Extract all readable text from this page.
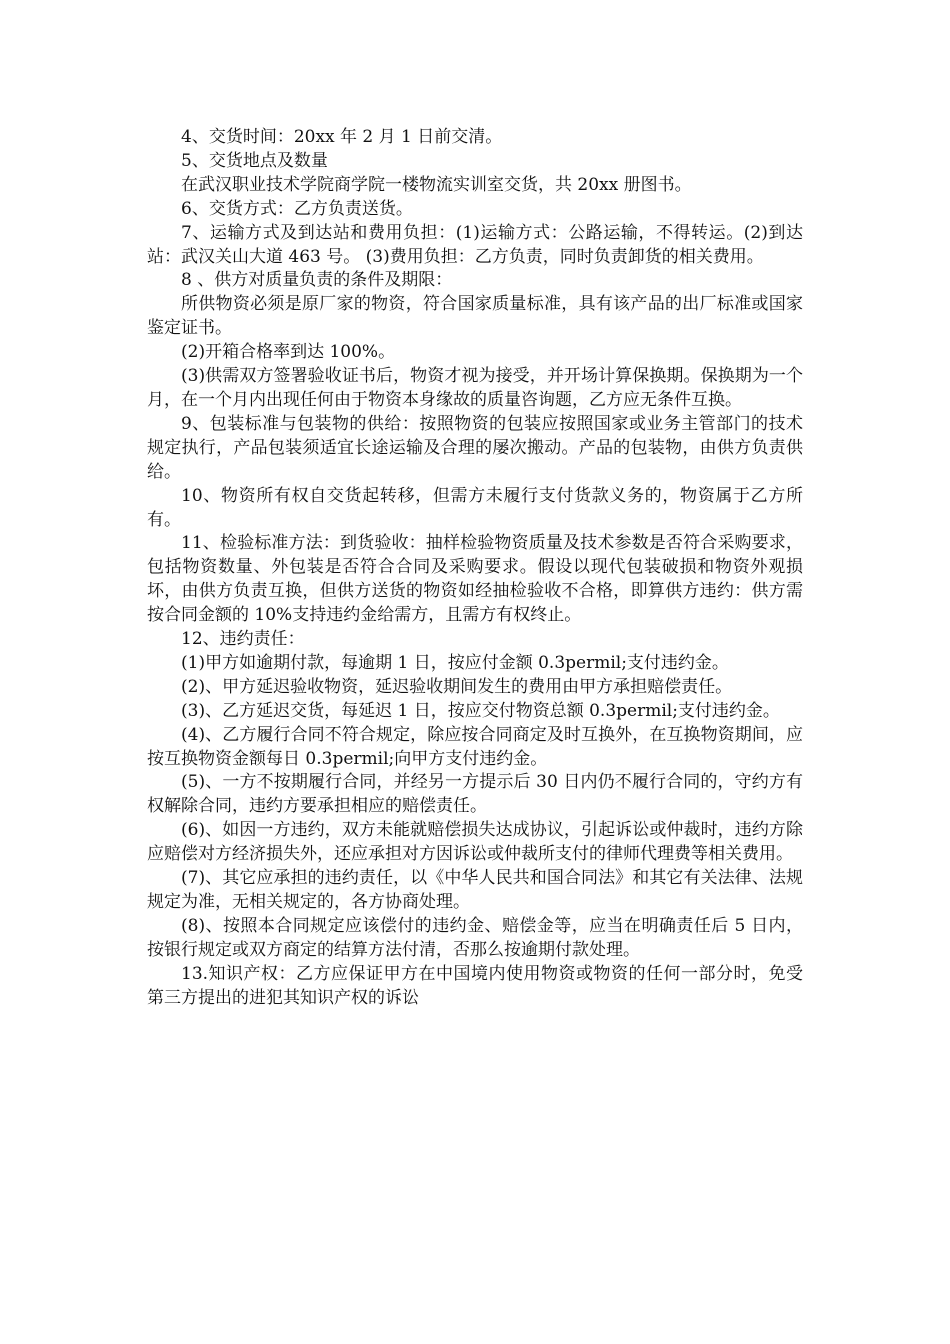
4、交货时间：20xx 年 2 月 1 日前交清。

5、交货地点及数量

在武汉职业技术学院商学院一楼物流实训室交货，共 20xx 册图书。

6、交货方式：乙方负责送货。

7、运输方式及到达站和费用负担：(1)运输方式：公路运输，不得转运。(2)到达站：武汉关山大道 463 号。 (3)费用负担：乙方负责，同时负责卸货的相关费用。

8 、供方对质量负责的条件及期限：

所供物资必须是原厂家的物资，符合国家质量标准，具有该产品的出厂标准或国家鉴定证书。

(2)开箱合格率到达 100%。

(3)供需双方签署验收证书后，物资才视为接受，并开场计算保换期。保换期为一个月，在一个月内出现任何由于物资本身缘故的质量咨询题，乙方应无条件互换。

9、包装标准与包装物的供给：按照物资的包装应按照国家或业务主管部门的技术规定执行，产品包装须适宜长途运输及合理的屡次搬动。产品的包装物，由供方负责供给。

10、物资所有权自交货起转移，但需方未履行支付货款义务的，物资属于乙方所有。

11、检验标准方法：到货验收：抽样检验物资质量及技术参数是否符合采购要求，包括物资数量、外包装是否符合合同及采购要求。假设以现代包装破损和物资外观损坏，由供方负责互换，但供方送货的物资如经抽检验收不合格，即算供方违约：供方需按合同金额的 10%支持违约金给需方，且需方有权终止。

12、违约责任：

(1)甲方如逾期付款，每逾期 1 日，按应付金额 0.3permil;支付违约金。

(2)、甲方延迟验收物资，延迟验收期间发生的费用由甲方承担赔偿责任。

(3)、乙方延迟交货，每延迟 1 日，按应交付物资总额 0.3permil;支付违约金。

(4)、乙方履行合同不符合规定，除应按合同商定及时互换外，在互换物资期间，应按互换物资金额每日 0.3permil;向甲方支付违约金。

(5)、一方不按期履行合同，并经另一方提示后 30 日内仍不履行合同的，守约方有权解除合同，违约方要承担相应的赔偿责任。

(6)、如因一方违约，双方未能就赔偿损失达成协议，引起诉讼或仲裁时，违约方除应赔偿对方经济损失外，还应承担对方因诉讼或仲裁所支付的律师代理费等相关费用。

(7)、其它应承担的违约责任，以《中华人民共和国合同法》和其它有关法律、法规规定为准，无相关规定的，各方协商处理。

(8)、按照本合同规定应该偿付的违约金、赔偿金等，应当在明确责任后 5 日内，按银行规定或双方商定的结算方法付清，否那么按逾期付款处理。

13.知识产权：乙方应保证甲方在中国境内使用物资或物资的任何一部分时，免受第三方提出的进犯其知识产权的诉讼
